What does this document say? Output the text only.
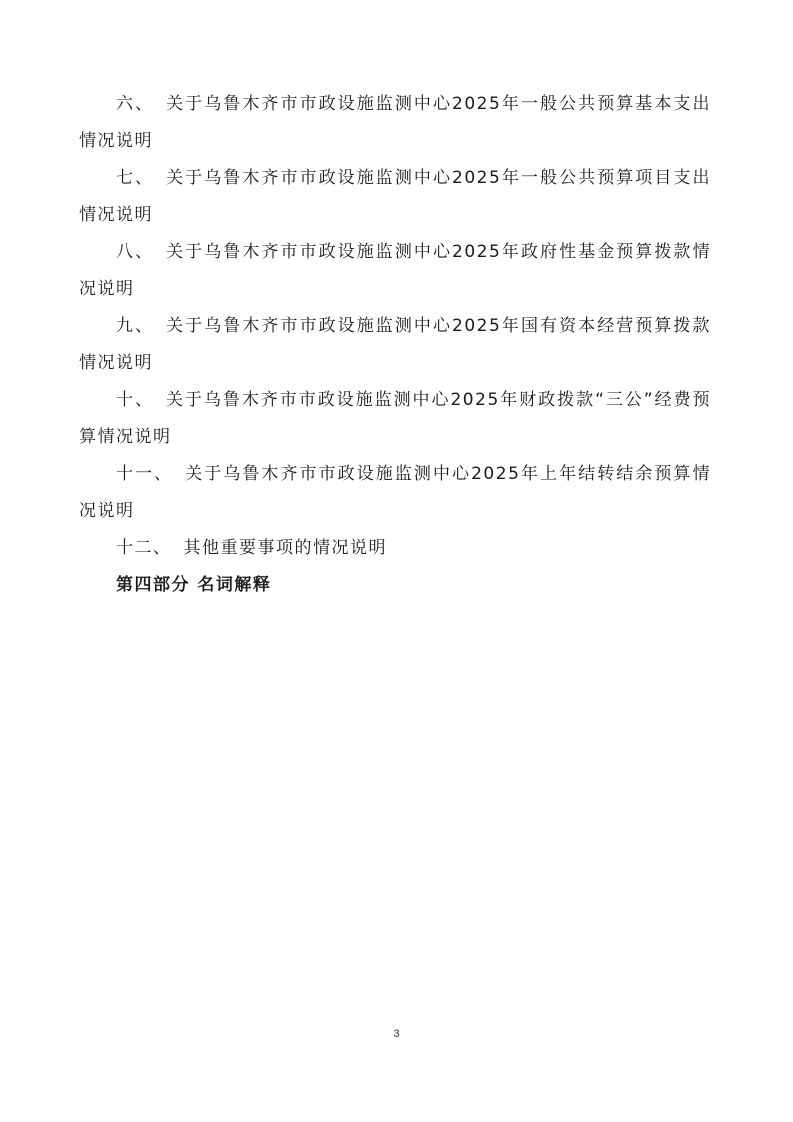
六、 关于乌鲁木齐市市政设施监测中心2025年一般公共预算基本支出情况说明

七、 关于乌鲁木齐市市政设施监测中心2025年一般公共预算项目支出情况说明

八、 关于乌鲁木齐市市政设施监测中心2025年政府性基金预算拨款情况说明

九、 关于乌鲁木齐市市政设施监测中心2025年国有资本经营预算拨款情况说明

十、 关于乌鲁木齐市市政设施监测中心2025年财政拨款“三公”经费预算情况说明

十一、 关于乌鲁木齐市市政设施监测中心2025年上年结转结余预算情况说明

十二、 其他重要事项的情况说明

第四部分 名词解释

3
